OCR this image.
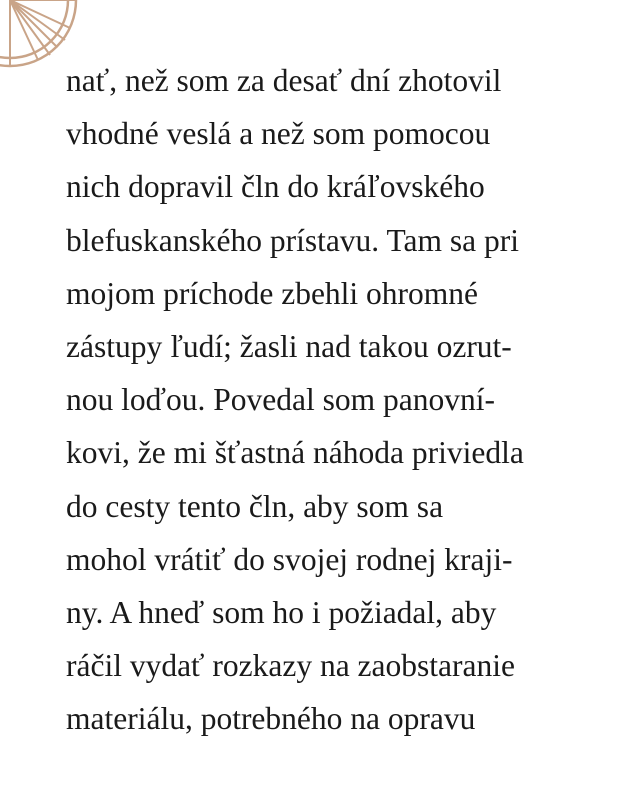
nať, než som za desať dní zhotovil
vhodné veslá a než som pomocou
nich dopravil čln do kráľovského
blefuskanského prístavu. Tam sa pri
mojom príchode zbehli ohromné
zástupy ľudí; žasli nad takou ozrut-
nou loďou. Povedal som panovní-
kovi, že mi šťastná náhoda priviedla
do cesty tento čln, aby som sa
mohol vrátiť do svojej rodnej kraji-
ny. A hneď som ho i požiadal, aby
ráčil vydať rozkazy na zaobstaranie
materiálu, potrebného na opravu
